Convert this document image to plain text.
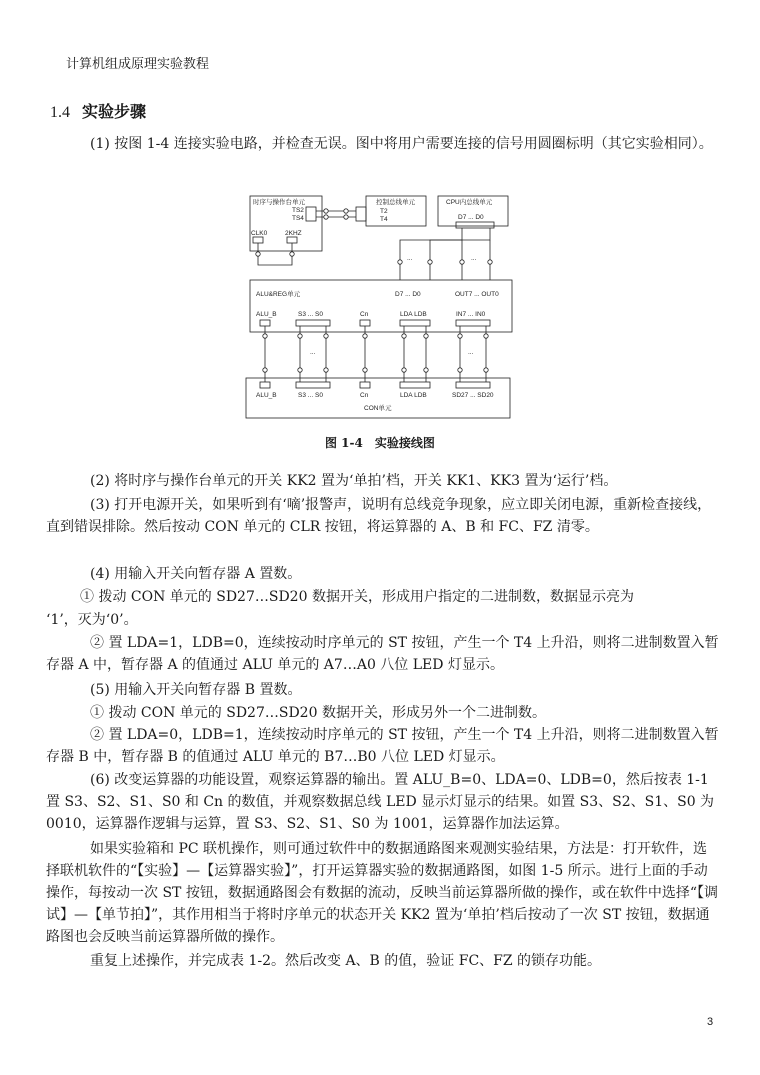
计算机组成原理实验教程
1.4 实验步骤

(1) 按图 1-4 连接实验电路，并检查无误。图中将用户需要连接的信号用圆圈标明（其它实验相同）。

时序与操作台单元
TS2
TS4
CLK0	2KHZ
控制总线单元
T2
T4
CPU内总线单元
D7 ... D0
...	...
ALU&REG单元	D7 ... D0	OUT7 ... OUT0
ALU_B	S3 ... S0	Cn	LDA LDB	IN7 ... IN0
...	...
ALU_B	S3 ... S0	Cn	LDA LDB	SD27 ... SD20
CON单元
图 1-4　实验接线图

(2) 将时序与操作台单元的开关 KK2 置为‘单拍’档，开关 KK1、KK3 置为‘运行’档。

(3) 打开电源开关，如果听到有‘嘀’报警声，说明有总线竞争现象，应立即关闭电源，重新检查接线，直到错误排除。然后按动 CON 单元的 CLR 按钮，将运算器的 A、B 和 FC、FZ 清零。

(4) 用输入开关向暂存器 A 置数。

① 拨动 CON 单元的 SD27…SD20 数据开关，形成用户指定的二进制数，数据显示亮为

‘1’，灭为‘0’。

② 置 LDA=1，LDB=0，连续按动时序单元的 ST 按钮，产生一个 T4 上升沿，则将二进制数置入暂存器 A 中，暂存器 A 的值通过 ALU 单元的 A7…A0 八位 LED 灯显示。

(5) 用输入开关向暂存器 B 置数。

① 拨动 CON 单元的 SD27…SD20 数据开关，形成另外一个二进制数。

② 置 LDA=0，LDB=1，连续按动时序单元的 ST 按钮，产生一个 T4 上升沿，则将二进制数置入暂存器 B 中，暂存器 B 的值通过 ALU 单元的 B7…B0 八位 LED 灯显示。

(6) 改变运算器的功能设置，观察运算器的输出。置 ALU_B=0、LDA=0、LDB=0，然后按表 1-1 置 S3、S2、S1、S0 和 Cn 的数值，并观察数据总线 LED 显示灯显示的结果。如置 S3、S2、S1、S0 为 0010，运算器作逻辑与运算，置 S3、S2、S1、S0 为 1001，运算器作加法运算。

如果实验箱和 PC 联机操作，则可通过软件中的数据通路图来观测实验结果，方法是：打开软件，选择联机软件的“【实验】—【运算器实验】”，打开运算器实验的数据通路图，如图 1-5 所示。进行上面的手动操作，每按动一次 ST 按钮，数据通路图会有数据的流动，反映当前运算器所做的操作，或在软件中选择“【调试】—【单节拍】”，其作用相当于将时序单元的状态开关 KK2 置为‘单拍’档后按动了一次 ST 按钮，数据通路图也会反映当前运算器所做的操作。

重复上述操作，并完成表 1-2。然后改变 A、B 的值，验证 FC、FZ 的锁存功能。

3
